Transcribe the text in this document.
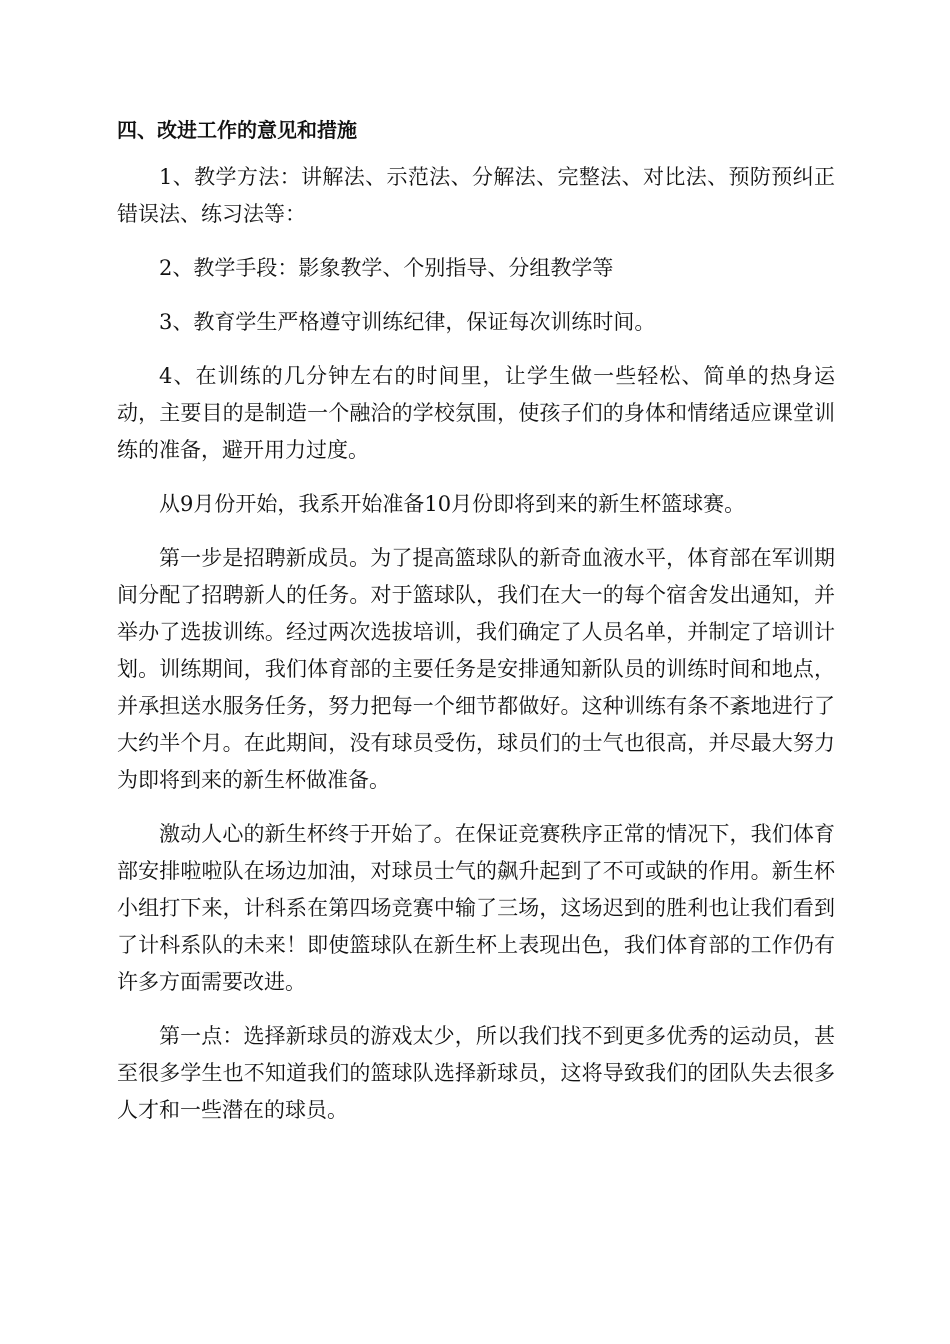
四、改进工作的意见和措施

1、教学方法：讲解法、示范法、分解法、完整法、对比法、预防预纠正错误法、练习法等：

2、教学手段：影象教学、个别指导、分组教学等

3、教育学生严格遵守训练纪律，保证每次训练时间。

4、在训练的几分钟左右的时间里，让学生做一些轻松、简单的热身运动，主要目的是制造一个融洽的学校氛围，使孩子们的身体和情绪适应课堂训练的准备，避开用力过度。

从9月份开始，我系开始准备10月份即将到来的新生杯篮球赛。

第一步是招聘新成员。为了提高篮球队的新奇血液水平，体育部在军训期间分配了招聘新人的任务。对于篮球队，我们在大一的每个宿舍发出通知，并举办了选拔训练。经过两次选拔培训，我们确定了人员名单，并制定了培训计划。训练期间，我们体育部的主要任务是安排通知新队员的训练时间和地点，并承担送水服务任务，努力把每一个细节都做好。这种训练有条不紊地进行了大约半个月。在此期间，没有球员受伤，球员们的士气也很高，并尽最大努力为即将到来的新生杯做准备。

激动人心的新生杯终于开始了。在保证竞赛秩序正常的情况下，我们体育部安排啦啦队在场边加油，对球员士气的飙升起到了不可或缺的作用。新生杯小组打下来，计科系在第四场竞赛中输了三场，这场迟到的胜利也让我们看到了计科系队的未来！即使篮球队在新生杯上表现出色，我们体育部的工作仍有许多方面需要改进。

第一点：选择新球员的游戏太少，所以我们找不到更多优秀的运动员，甚至很多学生也不知道我们的篮球队选择新球员，这将导致我们的团队失去很多人才和一些潜在的球员。
